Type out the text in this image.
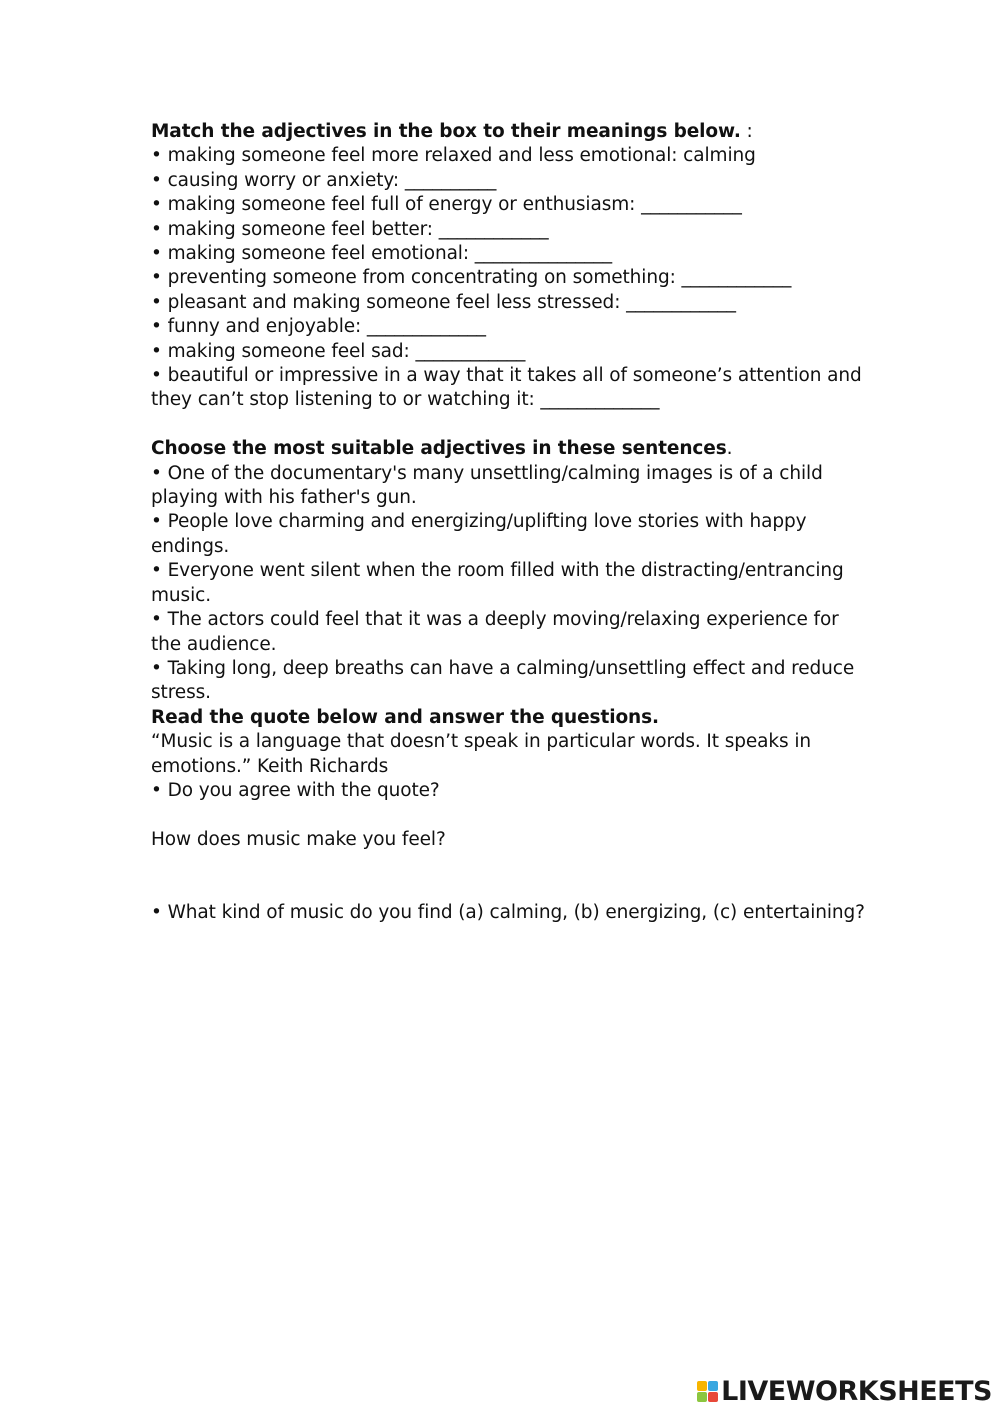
Match the adjectives in the box to their meanings below. :
• making someone feel more relaxed and less emotional: calming
• causing worry or anxiety: __________
• making someone feel full of energy or enthusiasm: ___________
• making someone feel better: ____________
• making someone feel emotional: _______________
• preventing someone from concentrating on something: ____________
• pleasant and making someone feel less stressed: ____________
• funny and enjoyable: _____________
• making someone feel sad: ____________
• beautiful or impressive in a way that it takes all of someone’s attention and
they can’t stop listening to or watching it: _____________
Choose the most suitable adjectives in these sentences.
• One of the documentary's many unsettling/calming images is of a child
playing with his father's gun.
• People love charming and energizing/uplifting love stories with happy
endings.
• Everyone went silent when the room filled with the distracting/entrancing
music.
• The actors could feel that it was a deeply moving/relaxing experience for
the audience.
• Taking long, deep breaths can have a calming/unsettling effect and reduce
stress.
Read the quote below and answer the questions.
“Music is a language that doesn’t speak in particular words. It speaks in
emotions.” Keith Richards
• Do you agree with the quote?
How does music make you feel?
• What kind of music do you find (a) calming, (b) energizing, (c) entertaining?
LIVEWORKSHEETS
